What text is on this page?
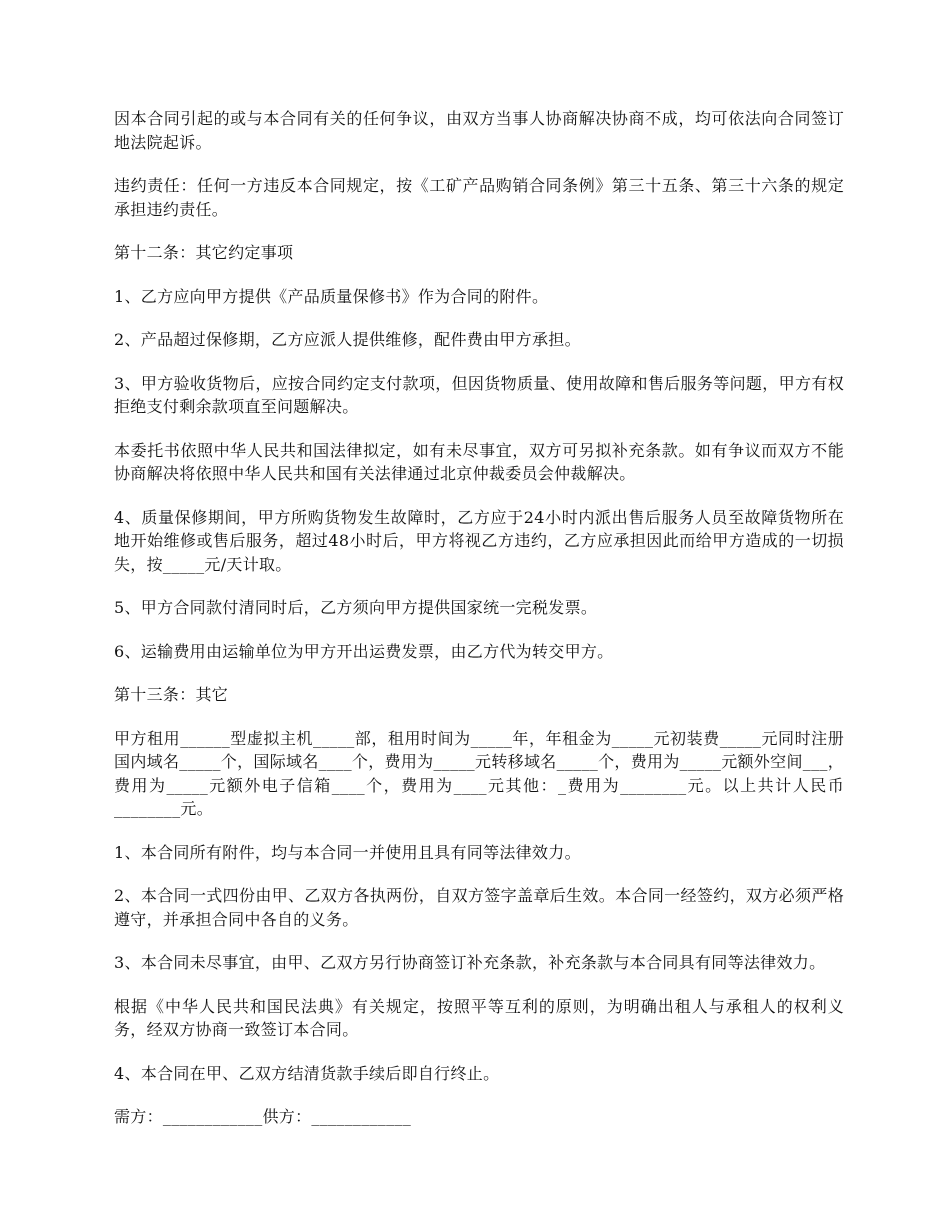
因本合同引起的或与本合同有关的任何争议，由双方当事人协商解决协商不成，均可依法向合同签订地法院起诉。

违约责任：任何一方违反本合同规定，按《工矿产品购销合同条例》第三十五条、第三十六条的规定承担违约责任。

第十二条：其它约定事项

1、乙方应向甲方提供《产品质量保修书》作为合同的附件。

2、产品超过保修期，乙方应派人提供维修，配件费由甲方承担。

3、甲方验收货物后，应按合同约定支付款项，但因货物质量、使用故障和售后服务等问题，甲方有权拒绝支付剩余款项直至问题解决。

本委托书依照中华人民共和国法律拟定，如有未尽事宜，双方可另拟补充条款。如有争议而双方不能协商解决将依照中华人民共和国有关法律通过北京仲裁委员会仲裁解决。

4、质量保修期间，甲方所购货物发生故障时，乙方应于24小时内派出售后服务人员至故障货物所在地开始维修或售后服务，超过48小时后，甲方将视乙方违约，乙方应承担因此而给甲方造成的一切损失，按_____元/天计取。

5、甲方合同款付清同时后，乙方须向甲方提供国家统一完税发票。

6、运输费用由运输单位为甲方开出运费发票，由乙方代为转交甲方。

第十三条：其它

甲方租用______型虚拟主机_____部，租用时间为_____年，年租金为_____元初装费_____元同时注册国内域名_____个，国际域名____个，费用为_____元转移域名_____个，费用为_____元额外空间___，费用为_____元额外电子信箱____个，费用为____元其他：_费用为________元。以上共计人民币________元。

1、本合同所有附件，均与本合同一并使用且具有同等法律效力。

2、本合同一式四份由甲、乙双方各执两份，自双方签字盖章后生效。本合同一经签约，双方必须严格遵守，并承担合同中各自的义务。

3、本合同未尽事宜，由甲、乙双方另行协商签订补充条款，补充条款与本合同具有同等法律效力。

根据《中华人民共和国民法典》有关规定，按照平等互利的原则，为明确出租人与承租人的权利义务，经双方协商一致签订本合同。

4、本合同在甲、乙双方结清货款手续后即自行终止。

需方：____________供方：____________
